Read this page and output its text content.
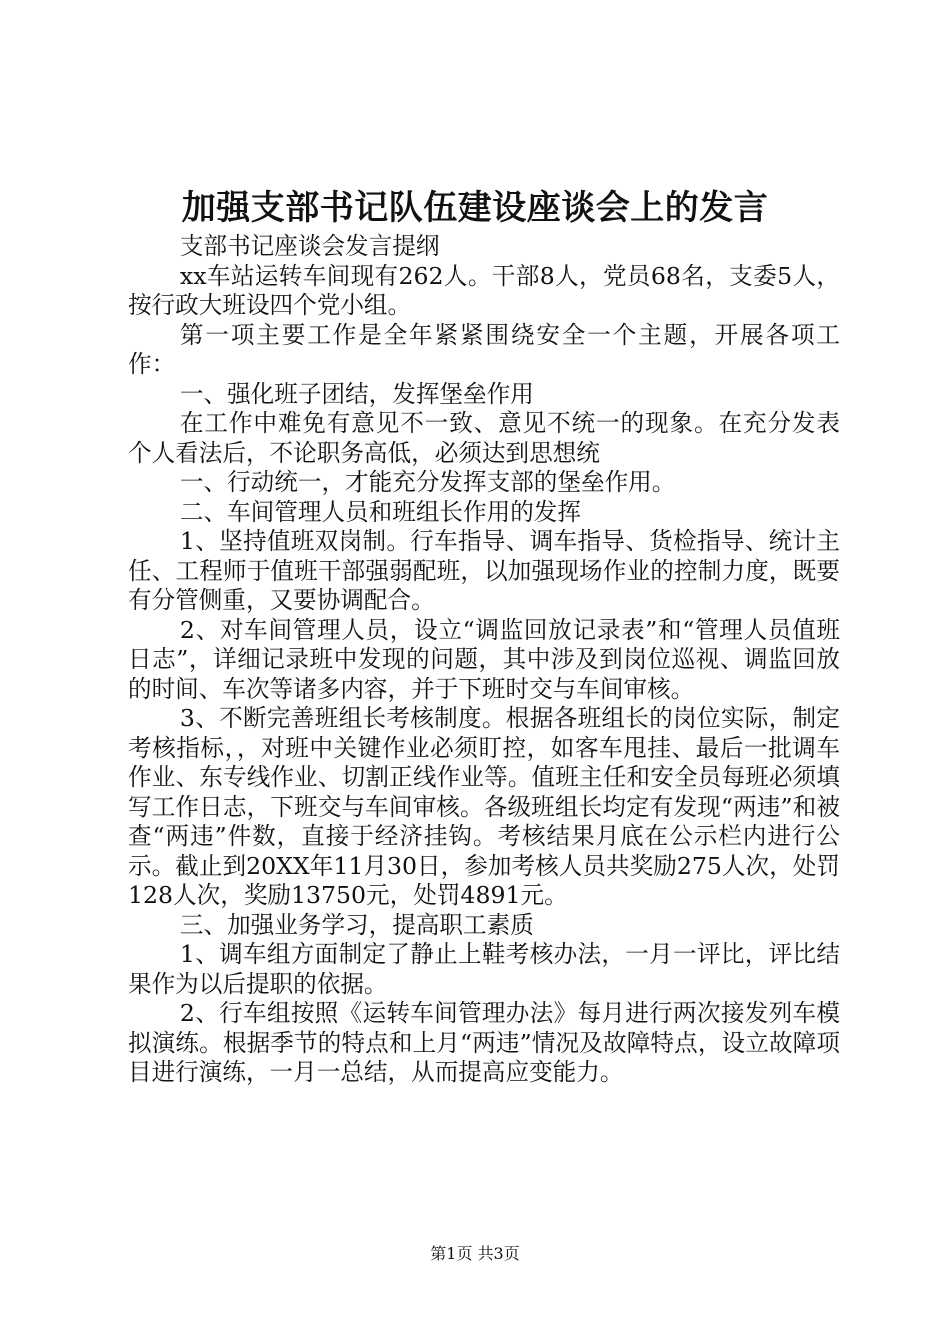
加强支部书记队伍建设座谈会上的发言

支部书记座谈会发言提纲

xx车站运转车间现有262人。干部8人，党员68名，支委5人，按行政大班设四个党小组。

第一项主要工作是全年紧紧围绕安全一个主题，开展各项工作：

一、强化班子团结，发挥堡垒作用

在工作中难免有意见不一致、意见不统一的现象。在充分发表个人看法后，不论职务高低，必须达到思想统

一、行动统一，才能充分发挥支部的堡垒作用。

二、车间管理人员和班组长作用的发挥

1、坚持值班双岗制。行车指导、调车指导、货检指导、统计主任、工程师于值班干部强弱配班，以加强现场作业的控制力度，既要有分管侧重，又要协调配合。

2、对车间管理人员，设立“调监回放记录表”和“管理人员值班日志”，详细记录班中发现的问题，其中涉及到岗位巡视、调监回放的时间、车次等诸多内容，并于下班时交与车间审核。

3、不断完善班组长考核制度。根据各班组长的岗位实际，制定考核指标，，对班中关键作业必须盯控，如客车甩挂、最后一批调车作业、东专线作业、切割正线作业等。值班主任和安全员每班必须填写工作日志，下班交与车间审核。各级班组长均定有发现“两违”和被查“两违”件数，直接于经济挂钩。考核结果月底在公示栏内进行公示。截止到20XX年11月30日，参加考核人员共奖励275人次，处罚128人次，奖励13750元，处罚4891元。

三、加强业务学习，提高职工素质

1、调车组方面制定了静止上鞋考核办法，一月一评比，评比结果作为以后提职的依据。

2、行车组按照《运转车间管理办法》每月进行两次接发列车模拟演练。根据季节的特点和上月“两违”情况及故障特点，设立故障项目进行演练，一月一总结，从而提高应变能力。

第1页 共3页
